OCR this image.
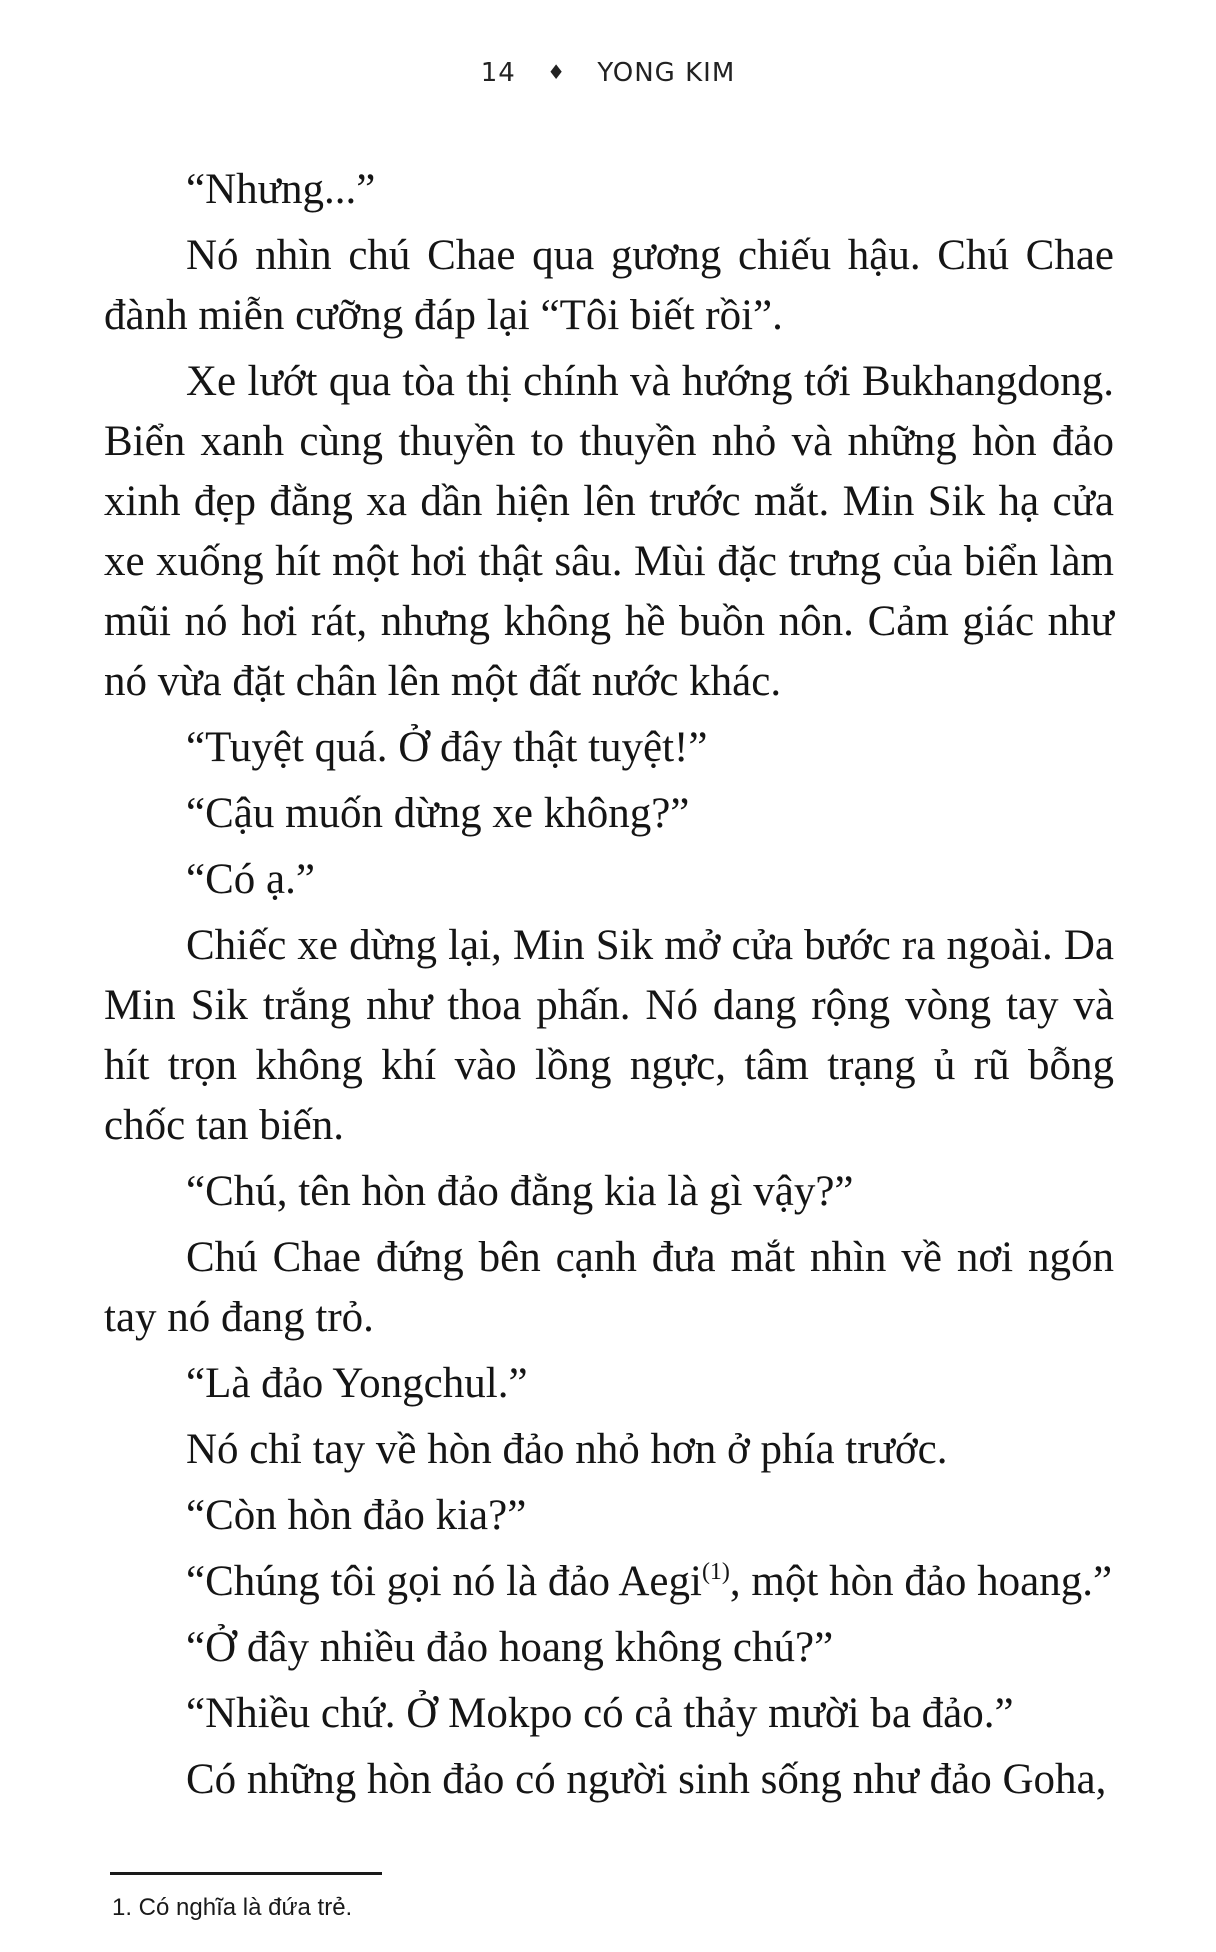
14 ♦ YONG KIM

“Nhưng...”

Nó nhìn chú Chae qua gương chiếu hậu. Chú Chae đành miễn cưỡng đáp lại “Tôi biết rồi”.

Xe lướt qua tòa thị chính và hướng tới Bukhangdong. Biển xanh cùng thuyền to thuyền nhỏ và những hòn đảo xinh đẹp đằng xa dần hiện lên trước mắt. Min Sik hạ cửa xe xuống hít một hơi thật sâu. Mùi đặc trưng của biển làm mũi nó hơi rát, nhưng không hề buồn nôn. Cảm giác như nó vừa đặt chân lên một đất nước khác.

“Tuyệt quá. Ở đây thật tuyệt!”

“Cậu muốn dừng xe không?”

“Có ạ.”

Chiếc xe dừng lại, Min Sik mở cửa bước ra ngoài. Da Min Sik trắng như thoa phấn. Nó dang rộng vòng tay và hít trọn không khí vào lồng ngực, tâm trạng ủ rũ bỗng chốc tan biến.

“Chú, tên hòn đảo đằng kia là gì vậy?”

Chú Chae đứng bên cạnh đưa mắt nhìn về nơi ngón tay nó đang trỏ.

“Là đảo Yongchul.”

Nó chỉ tay về hòn đảo nhỏ hơn ở phía trước.

“Còn hòn đảo kia?”

“Chúng tôi gọi nó là đảo Aegi$^{(1)}$, một hòn đảo hoang.”

“Ở đây nhiều đảo hoang không chú?”

“Nhiều chứ. Ở Mokpo có cả thảy mười ba đảo.”

Có những hòn đảo có người sinh sống như đảo Goha,

1. Có nghĩa là đứa trẻ.
